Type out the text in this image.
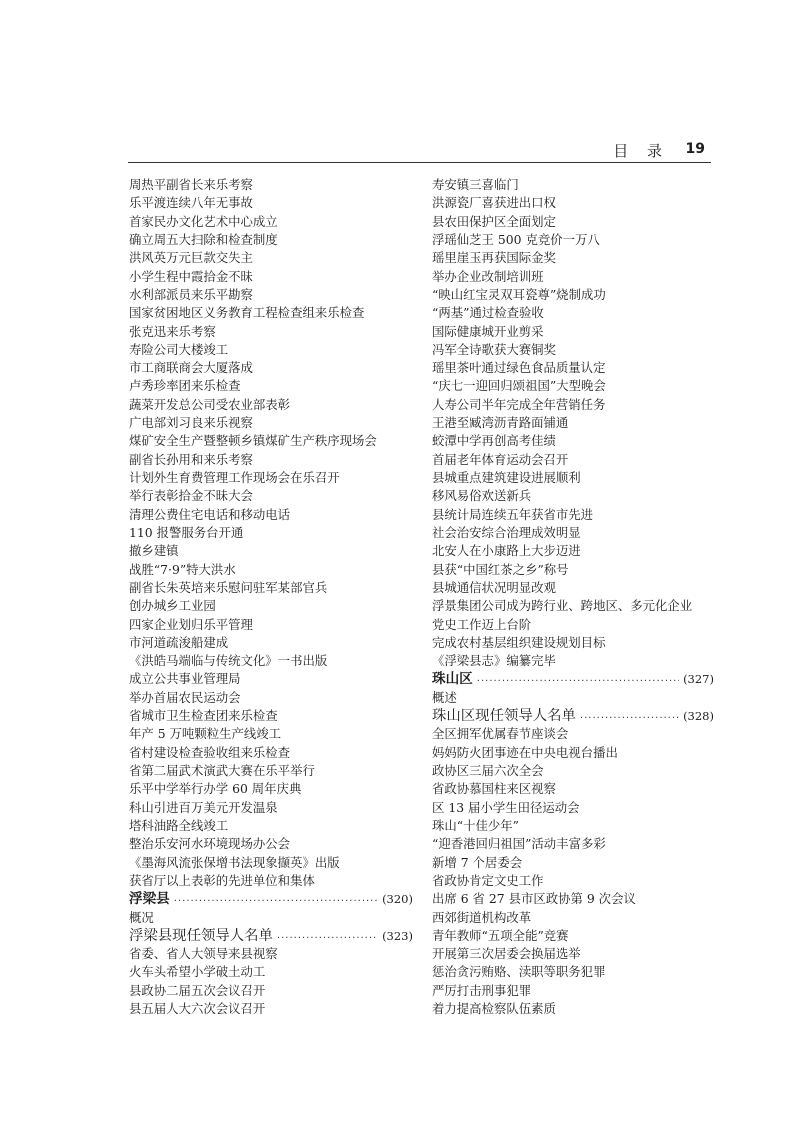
目 录 19
周热平副省长来乐考察
乐平渡连续八年无事故
首家民办文化艺术中心成立
确立周五大扫除和检查制度
洪风英万元巨款交失主
小学生程中霞拾金不昧
水利部派员来乐平勘察
国家贫困地区义务教育工程检查组来乐检查
张克迅来乐考察
寿险公司大楼竣工
市工商联商会大厦落成
卢秀珍率团来乐检查
蔬菜开发总公司受农业部表彰
广电部刘习良来乐视察
煤矿安全生产暨整顿乡镇煤矿生产秩序现场会
副省长孙用和来乐考察
计划外生育费管理工作现场会在乐召开
举行表彰拾金不昧大会
清理公费住宅电话和移动电话
110 报警服务台开通
撤乡建镇
战胜“7·9”特大洪水
副省长朱英培来乐慰问驻军某部官兵
创办城乡工业园
四家企业划归乐平管理
市河道疏浚船建成
《洪皓马端临与传统文化》一书出版
成立公共事业管理局
举办首届农民运动会
省城市卫生检查团来乐检查
年产 5 万吨颗粒生产线竣工
省村建设检查验收组来乐检查
省第二届武术演武大赛在乐平举行
乐平中学举行办学 60 周年庆典
科山引进百万美元开发温泉
塔科油路全线竣工
整治乐安河水环境现场办公会
《墨海风流张保增书法现象撷英》出版
获省厅以上表彰的先进单位和集体
浮梁县 .....	(320)
概况
浮梁县现任领导人名单 .....	(323)
省委、省人大领导来县视察
火车头希望小学破土动工
县政协二届五次会议召开
县五届人大六次会议召开
寿安镇三喜临门
洪源瓷厂喜获进出口权
县农田保护区全面划定
浮瑶仙芝王 500 克竞价一万八
瑶里崖玉再获国际金奖
举办企业改制培训班
“映山红宝灵双耳瓷尊”烧制成功
“两基”通过检查验收
国际健康城开业剪采
冯军全诗歌获大赛铜奖
瑶里茶叶通过绿色食品质量认定
“庆七一迎回归颂祖国”大型晚会
人寿公司半年完成全年营销任务
王港至臧湾沥青路面铺通
蛟潭中学再创高考佳绩
首届老年体育运动会召开
县城重点建筑建设进展顺利
移风易俗欢送新兵
县统计局连续五年获省市先进
社会治安综合治理成效明显
北安人在小康路上大步迈进
县获“中国红茶之乡”称号
县城通信状况明显改观
浮景集团公司成为跨行业、跨地区、多元化企业
党史工作迈上台阶
完成农村基层组织建设规划目标
《浮梁县志》编纂完毕
珠山区 .....	(327)
概述
珠山区现任领导人名单 .....	(328)
全区拥军优属春节座谈会
妈妈防火团事迹在中央电视台播出
政协区三届六次全会
省政协慕国柱来区视察
区 13 届小学生田径运动会
珠山“十佳少年”
“迎香港回归祖国”活动丰富多彩
新增 7 个居委会
省政协肯定文史工作
出席 6 省 27 县市区政协第 9 次会议
西郊街道机构改革
青年教师“五项全能”竞赛
开展第三次居委会换届选举
惩治贪污贿赂、渎职等职务犯罪
严厉打击刑事犯罪
着力提高检察队伍素质
